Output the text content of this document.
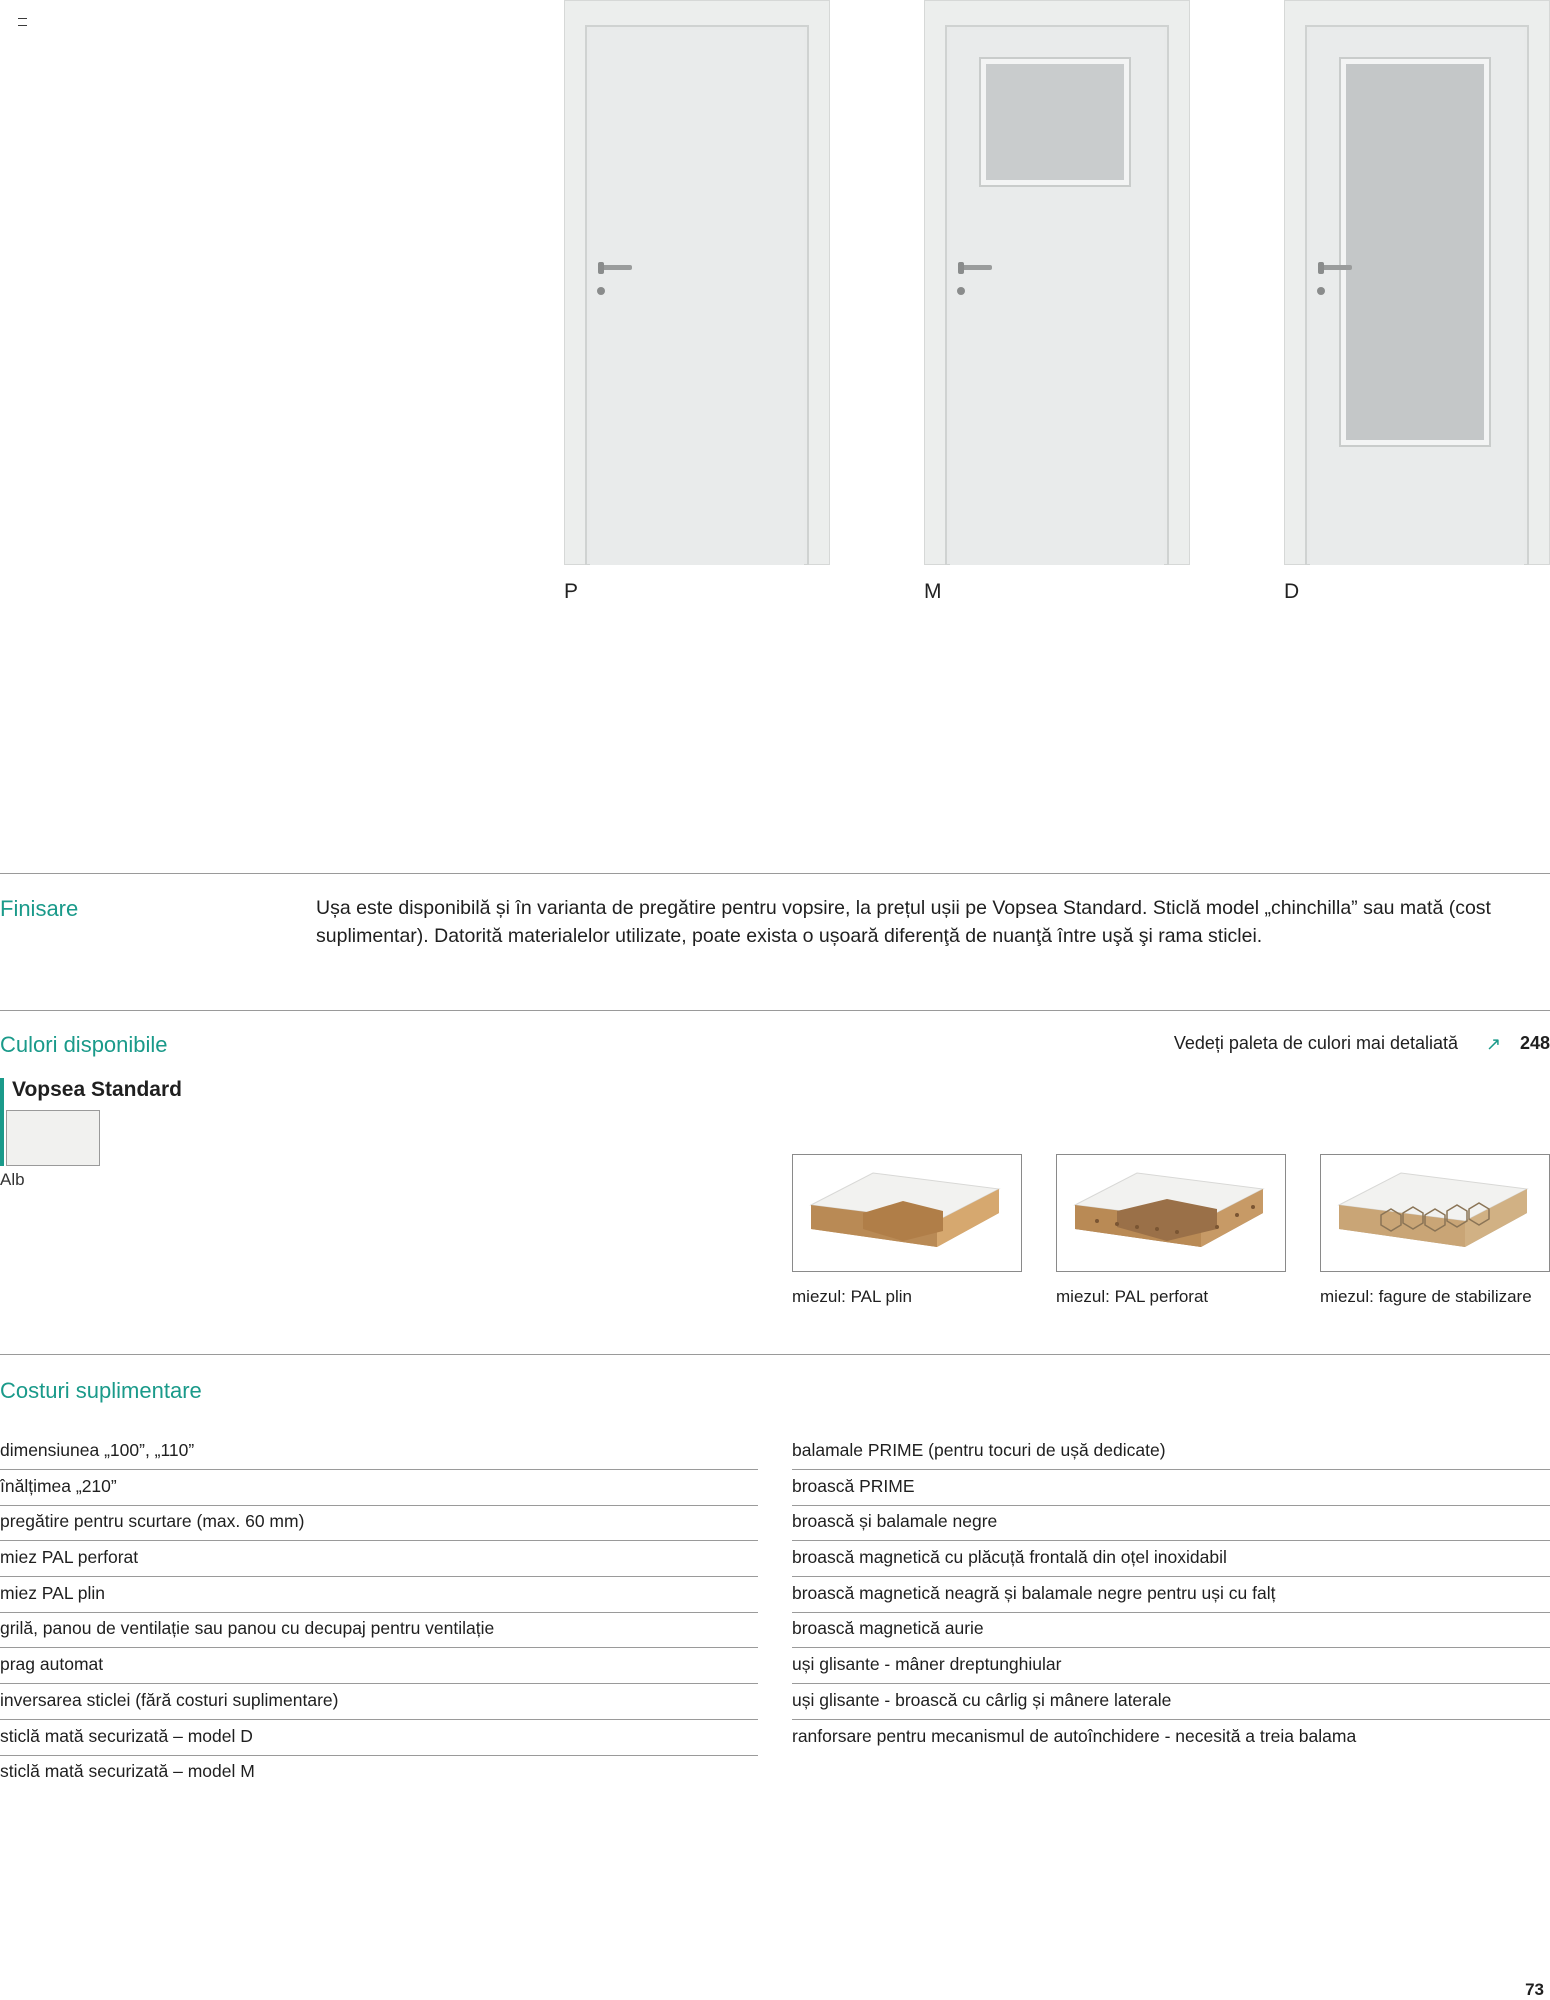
P	M	D
Finisare	Ușa este disponibilă și în varianta de pregătire pentru vopsire, la prețul ușii pe Vopsea Standard. Sticlă model „chinchilla” sau mată (cost suplimentar). Datorită materialelor utilizate, poate exista o ușoară diferenţă de nuanţă între uşă şi rama sticlei.
Culori disponibile	Vedeți paleta de culori mai detaliată ↗ 248
Vopsea Standard
Alb
miezul: PAL plin	miezul: PAL perforat	miezul: fagure de stabilizare
Costuri suplimentare
dimensiunea „100”, „110”
înălțimea „210”
pregătire pentru scurtare (max. 60 mm)
miez PAL perforat
miez PAL plin
grilă, panou de ventilație sau panou cu decupaj pentru ventilație
prag automat
inversarea sticlei (fără costuri suplimentare)
sticlă mată securizată – model D
sticlă mată securizată – model M
balamale PRIME (pentru tocuri de ușă dedicate)
broască PRIME
broască și balamale negre
broască magnetică cu plăcuță frontală din oțel inoxidabil
broască magnetică neagră și balamale negre pentru uși cu falț
broască magnetică aurie
uși glisante - mâner dreptunghiular
uși glisante - broască cu cârlig și mânere laterale
ranforsare pentru mecanismul de autoînchidere - necesită a treia balama
73
